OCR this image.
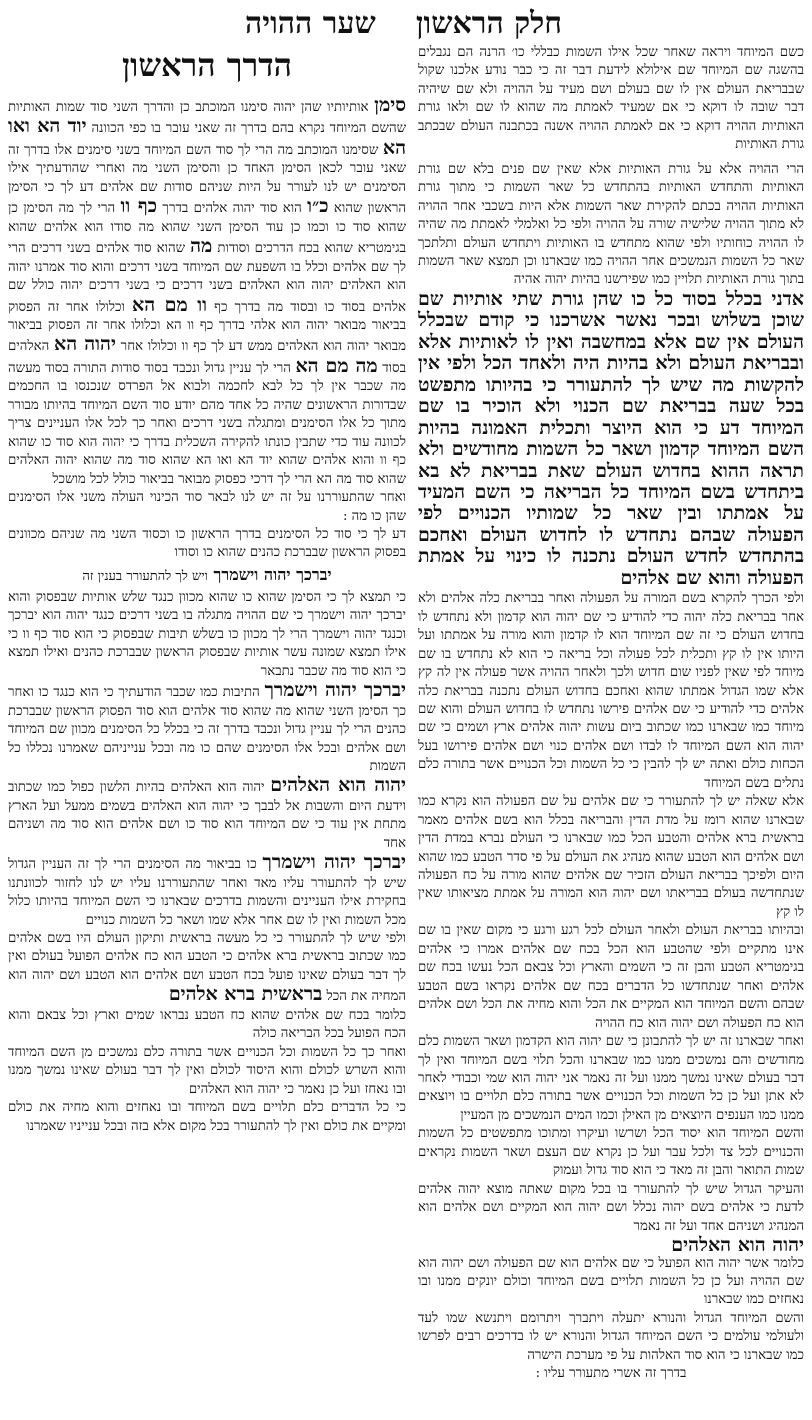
חלק הראשון
שער ההויה

כשם המיוחד ויראה שאחר שכל אילו השמות כבללי כו׳ הרנה הם נגבלים בהשגה שם המיוחד שם אילולא לידעת דבר זה כי כבר נודע אלכנו שקול שבבריאת העולם אין לו שם בעולם ושם מעיד על ההויה ולא שם שיהיה דבר שובה לו דוקא כי אם שמעיד לאמתת מה שהוא לו שם ולאו גורת האותיות ההויה דוקא כי אם לאמתת ההויה אשנה בכתבנה העולם שבכתב גורת האותיות

הרי ההויה אלא על גורת האותיות אלא שאין שם פנים בלא שם גורת האותיות והתחדש האותיות בהתחדש כל שאר השמות כי מתוך גורת האותיות ההויה בכתם להקירת שאר השמות אלא היות בשכבי אחר ההויה לא מתוך ההויה שלישיה שורה על ההויה ולפי כל ואלמלי לאמתת מה שהיה לו ההויה כוחותיו ולפי שהוא מתחדש בו האותיות ויתחדש העולם ותלתכך שאר כל השמות הנמשכים אחר ההויה כמו שבארנו וכן תמצא שאר השמות בתוך גורת האותיות תלויין כמו שפירשנו בהיות יהוה אהיה

אדני בכלל בסוד כל כו שהן גורת שתי אותיות שם שוכן בשלוש ובכר נאשר אשרכנו כי קודם שבכלל העולם אין שם אלא במחשבה ואין לו לאותיות אלא ובבריאת העולם ולא בהיות היה ולאחד הכל ולפי אין להקשות מה שיש לך להתעורר כי בהיותו מתפשט בכל שעה בבריאת שם הכנוי ולא הוכיר בו שם המיוחד דע כי הוא היוצר ותכלית האמונה בהיות השם המיוחד קדמון ושאר כל השמות מחודשים ולא תראה ההוא בחדוש העולם שאת בבריאת לא בא ביתחדש בשם המיוחד כל הבריאה כי השם המעיד על אמתתו ובין שאר כל שמותיו הכנויים לפי הפעולה שבהם נתחדש לו לחדוש העולם ואחכם בהתחדש לחדש העולם נתכנה לו כינוי על אמתת הפעולה והוא שם אלהים

ולפי הכרך להקרא בשם המורה על הפעולה ואחר בבריאת כלה אלהים ולא אחר בבריאת כלה יהוה כדי להודיע כי שם יהוה הוא קדמון ולא נתחדש לו בחדוש העולם כי זה שם המיוחד הוא לו קדמון והוא מורה על אמתתו ועל היותו אין לו קץ ותכלית לכל פעולה וכל בריאה כי הוא לא נתחדש בו שם מיוחד לפי שאין לפניו שום חדוש ולכך ולאחר ההויה אשר פעולה אין לה קץ אלא שמו הגדול אמתתו שהוא ואחכם בחדוש העולם נתכנה בבריאת כלה אלהים כדי להודיע כי שם אלהים פירשו נתחדש לו בחדוש העולם והוא שם מיוחד כמו שבארנו כמו שכתוב ביום עשות יהוה אלהים ארץ ושמים כי שם יהוה הוא השם המיוחד לו לבדו ושם אלהים כנוי ושם אלהים פירושו בעל הכחות כולם ואתה יש לך להבין כי כל השמות וכל הכנויים אשר בתורה כלם נתלים בשם המיוחד

אלא שאלה יש לך להתעורר כי שם אלהים על שם הפעולה הוא נקרא כמו שבארנו שהוא רומז על מדת הדין והבריאה בכלל הוא בשם אלהים מאמר בראשית ברא אלהים והטבע הכל כמו שבארנו כי העולם נברא במדת הדין ושם אלהים הוא הטבע שהוא מנהיג את העולם על פי סדר הטבע כמו שהוא היום ולפיכך בבריאת העולם הזכיר שם אלהים שהוא מורה על כח הפעולה שנתחדשה בעולם בבריאתו ושם יהוה הוא המורה על אמתת מציאותו שאין לו קץ

ובהיותו בבריאת העולם ולאחר העולם לכל רגע ורגע כי מקום שאין בו שם אינו מתקיים ולפי שהטבע הוא הכל בכח שם אלהים אמרו כי אלהים בגימטריא הטבע והבן זה כי השמים והארץ וכל צבאם הכל נעשו בכח שם אלהים ואחר שנתחדשו כל הדברים בכח שם אלהים נקראו בשם הטבע שבהם והשם המיוחד הוא המקיים את הכל והוא מחיה את הכל ושם אלהים הוא כח הפעולה ושם יהוה הוא כח ההויה

ואחר שבארנו זה יש לך להתבונן כי שם יהוה הוא הקדמון ושאר השמות כלם מחודשים והם נמשכים ממנו כמו שבארנו והכל תלוי בשם המיוחד ואין לך דבר בעולם שאינו נמשך ממנו ועל זה נאמר אני יהוה הוא שמי וכבודי לאחר לא אתן ועל כן כל השמות וכל הכנויים אשר בתורה כלם תלויים בו ויוצאים ממנו כמו הענפים היוצאים מן האילן וכמו המים הנמשכים מן המעיין

והשם המיוחד הוא יסוד הכל ושרשו ועיקרו ומתוכו מתפשטים כל השמות והכנויים לכל צד ולכל עבר ועל כן נקרא שם העצם ושאר השמות נקראים שמות התואר והבן זה מאד כי הוא סוד גדול ועמוק

והעיקר הגדול שיש לך להתעורר בו בכל מקום שאתה מוצא יהוה אלהים לדעת כי אלהים בשם יהוה נכלל ושם יהוה הוא המקיים ושם אלהים הוא המנהיג ושניהם אחד ועל זה נאמר

יהוה הוא האלהים

כלומר אשר יהוה הוא הפועל כי שם אלהים הוא שם הפעולה ושם יהוה הוא שם ההויה ועל כן כל השמות תלויים בשם המיוחד וכולם יונקים ממנו ובו נאחזים כמו שבארנו

והשם המיוחד הגדול והנורא יתעלה ויתברך ויתרומם ויתנשא שמו לעד ולעולמי עולמים כי השם המיוחד הגדול והנורא יש לו בדרכים רבים לפרשו כמו שבארנו כי הוא סוד האלהות על פי מערכת הישרה

בדרך זה אשרי מתעורר עליו :

הדרך הראשון

סימן אותיותיו שהן יהוה סימנו המוכתב כן והדרך השני סוד שמות האותיות שהשם המיוחד נקרא בהם בדרך זה שאני עובר בו כפי הכוונה יוד הא ואו הא שסימנו המוכתב מה הרי לך סוד השם המיוחד בשני סימנים אלו בדרך זה שאני עובר לכאן הסימן האחד כן והסימן השני מה ואחרי שהודעתיך אילו הסימנים יש לנו לעורר על היות שניהם סודות שם אלהים דע לך כי הסימן הראשון שהוא כ״ו הוא סוד יהוה אלהים בדרך כף וו הרי לך מה הסימן כן שהוא סוד כו וכמו כן עוד הסימן השני שהוא מה סודו הוא אלהים שהוא בגימטריא שהוא בכח הדרכים וסודות מה שהוא סוד אלהים בשני דרכים הרי לך שם אלהים וכלל בו השפעת שם המיוחד בשני דרכים והוא סוד אמרנו יהוה הוא האלהים יהוה הוא האלהים בשני דרכים כי בשני דרכים יהוה כולל שם אלהים בסוד כו ובסוד מה בדרך כף וו מם הא וכלולו אחר זה הפסוק בביאור מבואר יהוה הוא אלהי בדרך כף וו הא וכלולו אחר זה הפסוק בביאור מבואר יהוה הוא האלהים ממש דע לך כף וו וכלולו אחר יהוה הא האלהים בסוד מה מם הא הרי לך עניין גדול ונכבד בסוד סודות התורה בסוד מעשה מה שכבר אין לך כל לבא לחכמה ולבוא אל הפרדס שנכנסו בו החכמים שבדורות הראשונים שהיה כל אחד מהם יודע סוד השם המיוחד בהיותו מבורר מתוך כל אלו הסימנים ומתגלה בשני דרכים ואחר כך לכל אלו העניינים צריך לכוונה עוד כדי שתבין כונתו להקירה השכלית בדרך כי יהוה הוא סוד כו שהוא כף וו והוא אלהים שהוא יוד הא ואו הא שהוא סוד מה שהוא יהוה האלהים שהוא סוד מה הא הרי לך דרכי כפסוק מבואר בביאור כולל לכל מושכל

ואחר שהתעוררנו על זה יש לנו לבאר סוד הכינוי העולה משני אלו הסימנים שהן כו מה :

דע לך כי סוד כל הסימנים בדרך הראשון כו וכסוד השני מה שניהם מכוונים בפסוק הראשון שבברכת כהנים שהוא כו וסודו

יברכך יהוה וישמרך ויש לך להתעורר בענין זה

כי תמצא לך כי הסימן שהוא כו שהוא מכוון כנגד שלש אותיות שבפסוק והוא יברכך יהוה וישמרך כי שם ההויה מתגלה בו בשני דרכים כנגד יהוה הוא יברכך וכנגד יהוה וישמרך הרי לך מכוון כו בשלש תיבות שבפסוק כי הוא סוד כף וו כי אילו תמצא שמונה עשר אותיות שבפסוק הראשון שבברכת כהנים ואילו תמצא כי הוא סוד מה שכבר נתבאר

יברכך יהוה וישמרך התיבות כמו שכבר הודעתיך כי הוא כנגד כו ואחר כך הסימן השני שהוא מה שהוא סוד אלהים הוא סוד הפסוק הראשון שבברכת כהנים הרי לך עניין גדול ונכבד בדרך זה כי בכלל כל הסימנים מכוון שם המיוחד ושם אלהים ובכל אלו הסימנים שהם כו מה ובכל ענייניהם שאמרנו נכללו כל השמות

יהוה הוא האלהים יהוה הוא האלהים בהיות הלשון כפול כמו שכתוב וידעת היום והשבות אל לבבך כי יהוה הוא האלהים בשמים ממעל ועל הארץ מתחת אין עוד כי שם המיוחד הוא סוד כו ושם אלהים הוא סוד מה ושניהם אחד

יברכך יהוה וישמרך כו בביאור מה הסימנים הרי לך זה העניין הגדול שיש לך להתעורר עליו מאד ואחר שהתעוררנו עליו יש לנו לחזור לכוונתנו בחקירת אילו העניינים והשמות בדרכים שבארנו כי השם המיוחד בהיותו כלול מכל השמות ואין לו שם אחר אלא שמו ושאר כל השמות כנויים

ולפי שיש לך להתעורר כי כל מעשה בראשית ותיקון העולם היו בשם אלהים כמו שכתוב בראשית ברא אלהים כי הטבע הוא כח אלהים הפועל בעולם ואין לך דבר בעולם שאינו פועל בכח הטבע ושם אלהים הוא הטבע ושם יהוה הוא המחיה את הכל בראשית ברא אלהים

כלומר בכח שם אלהים שהוא כח הטבע נבראו שמים וארץ וכל צבאם והוא הכח הפועל בכל הבריאה כולה

ואחר כך כל השמות וכל הכנויים אשר בתורה כלם נמשכים מן השם המיוחד והוא השרש לכולם והוא היסוד לכולם ואין לך דבר בעולם שאינו נמשך ממנו ובו נאחז ועל כן נאמר כי יהוה הוא האלהים

כי כל הדברים כלם תלויים בשם המיוחד ובו נאחזים והוא מחיה את כולם ומקיים את כולם ואין לך להתעורר בכל מקום אלא בזה ובכל ענייניו שאמרנו
